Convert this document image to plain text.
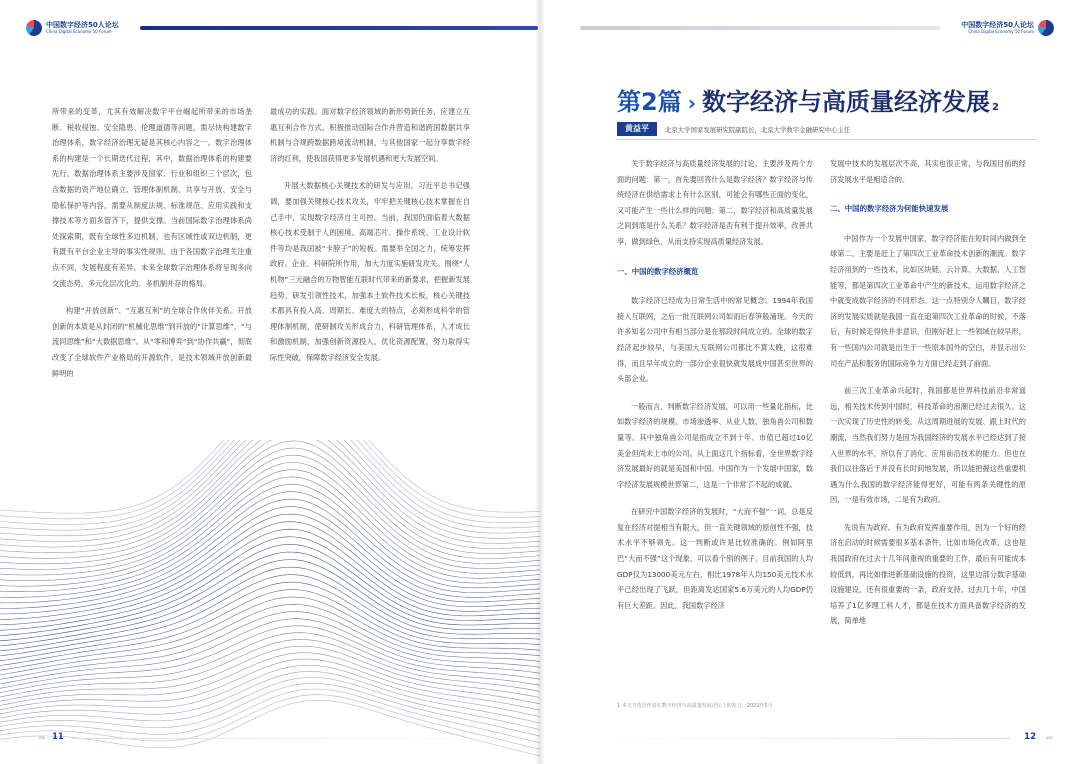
中国数字经济50人论坛
China Digital Economy 50 Forum

所带来的变革，尤其有效解决数字平台崛起所带来的市场垄断、税收侵蚀、安全隐患、伦理道德等问题，需尽快构建数字治理体系，数字经济治理无疑是其核心内容之一。数字治理体系的构建是一个长期迭代过程，其中，数据治理体系的构建要先行，数据治理体系主要涉及国家、行业和组织三个层次，包含数据的资产地位确立、管理体制机制、共享与开放、安全与隐私保护等内容，需要从制度法规、标准规范、应用实践和支撑技术等方面多管齐下，提供支撑。当前国际数字治理体系尚处探索期，既有全球性多边机制，也有区域性或双边机制，更有既有平台企业主导的事实性规则。由于各国数字治理关注重点不同，发展程度有差异，未来全球数字治理体系将呈现多向交流态势，多元化层次化的、多机制并存的格局。

构建“开放创新”、“互惠互利”的全球合作伙伴关系。开放创新的本质是从封闭的“机械化思维”到开放的“计算思维”、“与流同思维”和“大数据思维”。从“零和博弈”到“协作共赢”，彻底改变了全球软件产业格局的开源软件，是技术领域开放创新最鲜明的

最成功的实践。面对数字经济领域的新形势新任务，应建立互惠互利合作方式，积极推动国际合作并营造和谐跨国数据共享机制与合规跨数据跨境流动机制，与其他国家一起分享数字经济的红利，使我国获得更多发展机遇和更大发展空间。

开展大数据核心关键技术的研发与应用。习近平总书记强调，要加强关键核心技术攻关，牢牢把关键核心技术掌握在自己手中，实现数字经济自主可控。当前，我国仍面临着大数据核心技术受制于人的困境。高端芯片、操作系统、工业设计软件等均是我国被“卡脖子”的短板。需要举全国之力，统筹发挥政府、企业、科研院所作用，加大力度实施研发攻关。围绕“人机物”三元融合的万物智能互联时代带来的新要求，把握新发展趋势，研发引领性技术，加强本土软件技术长板，核心关键技术都具有投入高、周期长、难度大的特点，必须形成科学的管理体制机制，使研制攻关形成合力，科研管理体系，人才成长和激励机制，加强创新资源投入，优化资源配置，努力取得实际性突破，保障数字经济安全发展。

»» 11
中国数字经济50人论坛
China Digital Economy 50 Forum
第2篇 › 数字经济与高质量经济发展 2
黄益平	北京大学国家发展研究院副院长，北京大学数字金融研究中心主任

关于数字经济与高质量经济发展的讨论，主要涉及两个方面的问题：第一，首先要回答什么是数字经济？数字经济与传统经济在供给需求上有什么区别，可能会有哪些正面的变化，又可能产生一些什么样的问题；第二，数字经济和高质量发展之间到底是什么关系？数字经济是否有利于提升效率，改善共享，做到绿色，从而支持实现高质量经济发展。

一、中国的数字经济概览

数字经济已经成为日常生活中的常见概念。1994年我国接入互联网，之后一批互联网公司如雨后春笋般涌现。今天的许多知名公司中有相当部分是在那段时间成立的。全球的数字经济起步较早，与美国大互联网公司都比不算太晚，这很难得，而且早年成立的一部分企业很快就发展成中国甚至世界的头部企业。

一般而言，判断数字经济发展，可以用一些量化指标，比如数字经济的规模、市场渗透率、从业人数、独角兽公司和数量等。其中独角兽公司是指成立不到十年、市值已超过10亿美金但尚未上市的公司。从上面这几个指标看，全世界数字经济发展最好的就是美国和中国。中国作为一个发展中国家，数字经济发展规模世界第二，这是一个非常了不起的成就。

在研究中国数字经济的发展时，“大而不强”一词，总是反复在经济对提相当有限大，但一直关键领域的原创性不强，技术水平不够领先。这一判断或许是比较准确的。例如阿里巴“大而不强”这个现象，可以看个别的例子。目前我国的人均GDP仅为13000美元左右，相比1978年人均150美元技术水平已经出现了飞跃，但距离发达国家5.6万美元的人均GDP仍有巨大差距。因此，我国数字经济

发展中技术的发展层次不高，其实也很正常，与我国目前的经济发展水平是相适合的。

二、中国的数字经济为何能快速发展

中国作为一个发展中国家，数字经济能在短时间内做到全球第二，主要是赶上了第四次工业革命技术创新的潮流。数字经济用到的一些技术，比如区块链、云计算、大数据、人工智能等，都是第四次工业革命中产生的新技术，运用数字经济之中就变成数字经济的不同形态。这一点特别令人瞩目，数字经济的发展实质就是我国一直在追第四次工业革命的时候，不落后，有时候走得快并非意识，但刚好赶上一些领域在较早形，有一些国内公司就是出生于一些原本国外的空白，并显示出公司在产品和服务的国际竞争力方面已经走到了前面。

前三次工业革命兴起时，我国都是世界科技前沿非常遥远，相关技术传到中国时，科技革命的浪潮已经过去很久。这一次实现了历史性的转变，从这周期进展的发展、跟上时代的潮流，当然我们努力是因为我国经济的发展水平已经达到了接入世界的水平，所以有了消化、应用前沿技术的能力。但也在我们以往落后于并没有长时间地发展，所以能把握这些重要机遇为什么我国的数字经济能得更好，可能有两条关键性的原因，一是有效市场，二是有为政府。

先说有为政府。有为政府发挥重要作用，因为一个好的经济在启动的时候需要很多基本条件，比如市场化改革，这也是我国政府在过去十几年间重视的重要的工作，最后有可能成本较低到，再比如推进新基础设施的投资，这里边部分数字基础设施建设，还有很重要的一条，政府支持。过去几十年，中国培养了1亿多理工科人才，都是在技术方面具备数字经济的发展，简单地

1 本文节选自作者在数字经济与高质量发展论坛上的发言，2021年5月
12 ««
